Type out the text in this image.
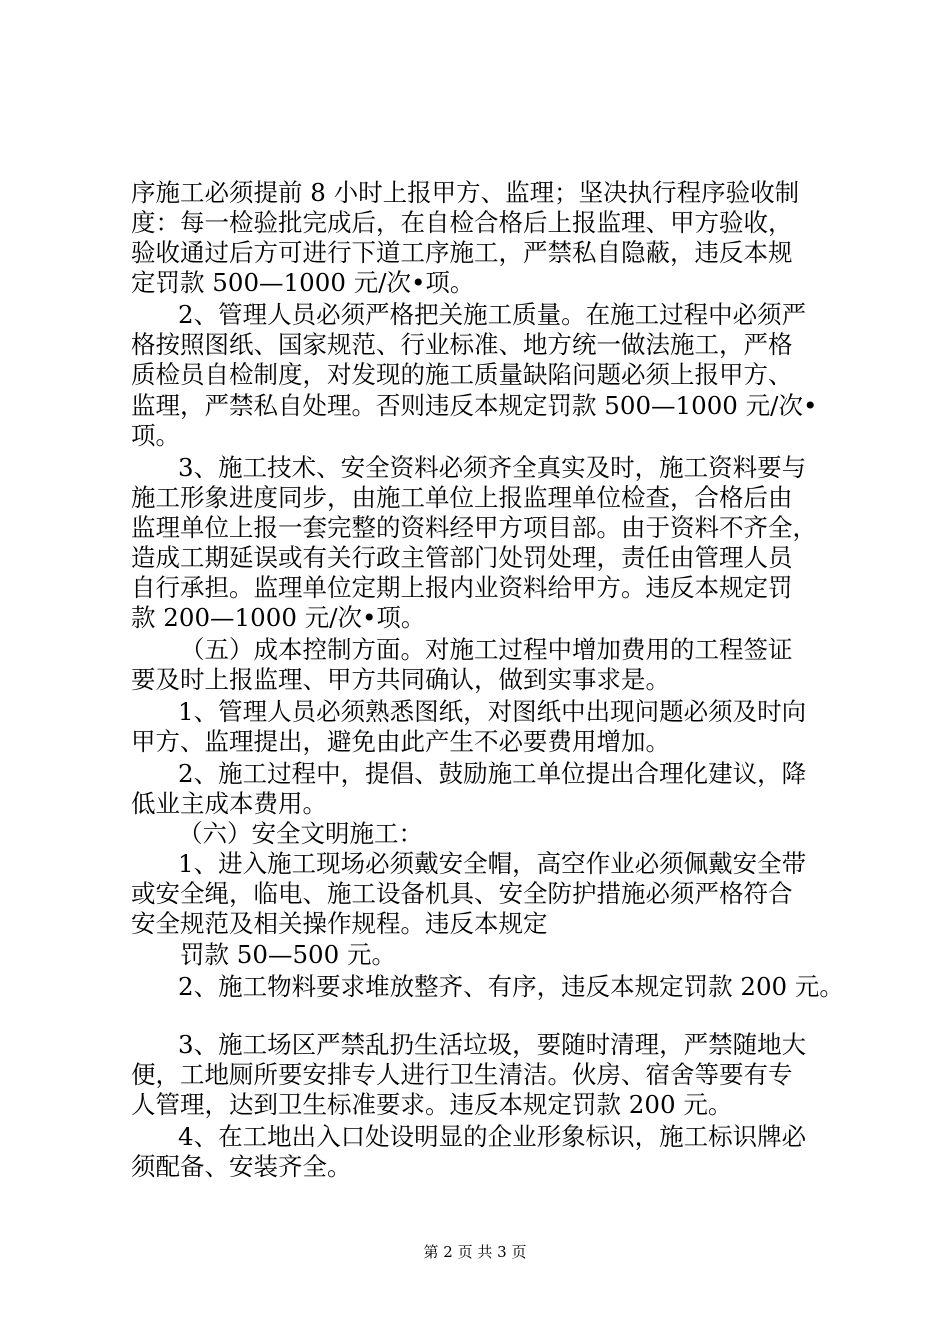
序施工必须提前 8 小时上报甲方、监理；坚决执行程序验收制
度：每一检验批完成后，在自检合格后上报监理、甲方验收，
验收通过后方可进行下道工序施工，严禁私自隐蔽，违反本规
定罚款 500—1000 元/次•项。
2、管理人员必须严格把关施工质量。在施工过程中必须严
格按照图纸、国家规范、行业标准、地方统一做法施工，严格
质检员自检制度，对发现的施工质量缺陷问题必须上报甲方、
监理，严禁私自处理。否则违反本规定罚款 500—1000 元/次•
项。
3、施工技术、安全资料必须齐全真实及时，施工资料要与
施工形象进度同步，由施工单位上报监理单位检查，合格后由
监理单位上报一套完整的资料经甲方项目部。由于资料不齐全，
造成工期延误或有关行政主管部门处罚处理，责任由管理人员
自行承担。监理单位定期上报内业资料给甲方。违反本规定罚
款 200—1000 元/次•项。
（五）成本控制方面。对施工过程中增加费用的工程签证
要及时上报监理、甲方共同确认，做到实事求是。
1、管理人员必须熟悉图纸，对图纸中出现问题必须及时向
甲方、监理提出，避免由此产生不必要费用增加。
2、施工过程中，提倡、鼓励施工单位提出合理化建议，降
低业主成本费用。
（六）安全文明施工：
1、进入施工现场必须戴安全帽，高空作业必须佩戴安全带
或安全绳，临电、施工设备机具、安全防护措施必须严格符合
安全规范及相关操作规程。违反本规定
罚款 50—500 元。
2、施工物料要求堆放整齐、有序，违反本规定罚款 200 元。
3、施工场区严禁乱扔生活垃圾，要随时清理，严禁随地大
便，工地厕所要安排专人进行卫生清洁。伙房、宿舍等要有专
人管理，达到卫生标准要求。违反本规定罚款 200 元。
4、在工地出入口处设明显的企业形象标识，施工标识牌必
须配备、安装齐全。
第 2 页 共 3 页
